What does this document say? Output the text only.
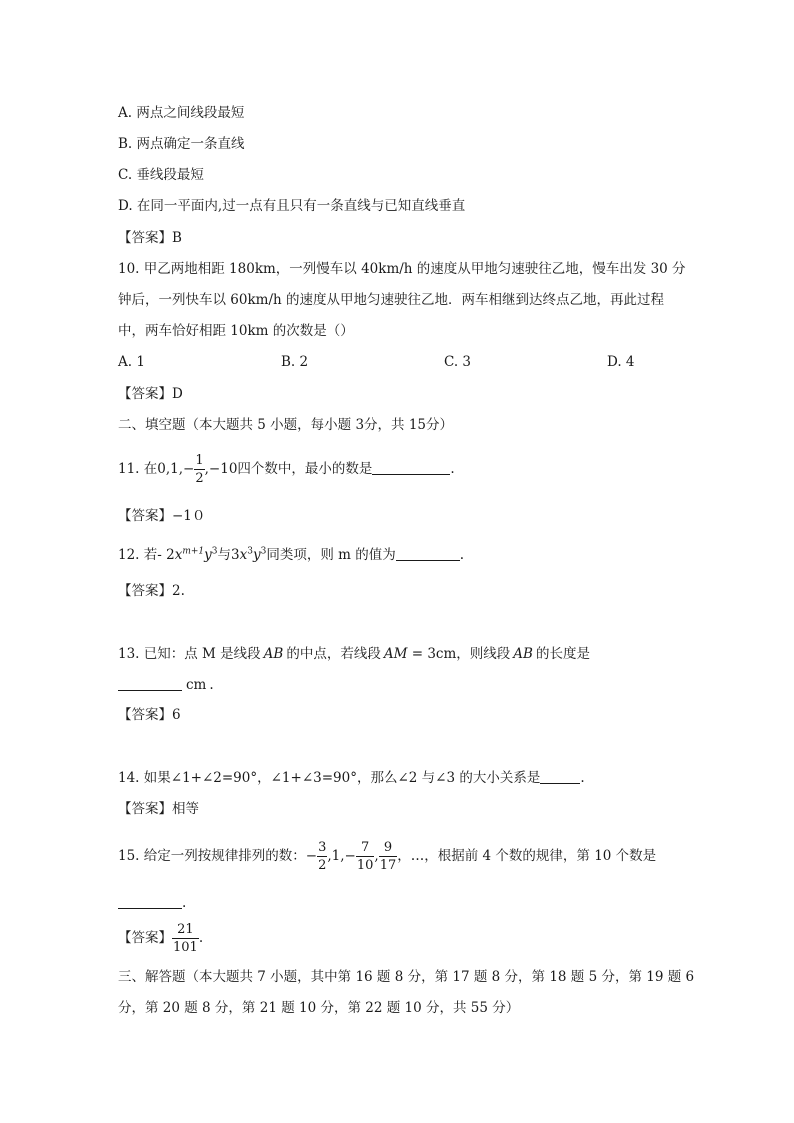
A. 两点之间线段最短
B. 两点确定一条直线
C. 垂线段最短
D. 在同一平面内,过一点有且只有一条直线与已知直线垂直
【答案】B
10. 甲乙两地相距 180km，一列慢车以 40km/h 的速度从甲地匀速驶往乙地，慢车出发 30 分
钟后，一列快车以 60km/h 的速度从甲地匀速驶往乙地．两车相继到达终点乙地，再此过程
中，两车恰好相距 10km 的次数是（）
A. 1	B. 2	C. 3	D. 4
【答案】D
二、填空题（本大题共 5 小题，每小题 3分，共 15分）
11. 在$0,1,- \frac{1}{2} ,-10$四个数中，最小的数是	.
【答案】−1０
12. 若- $2x^{m+1}y^3$与$3x^3y^3$同类项，则 m 的值为	.
【答案】2.
13. 已知：点 M 是线段 AB 的中点，若线段 AM = 3cm，则线段 AB 的长度是
cm .
【答案】6
14. 如果∠1+∠2=90°，∠1+∠3=90°，那么∠2 与∠3 的大小关系是	.
【答案】相等
15. 给定一列按规律排列的数：− $\frac{3}{2} ,1,- \frac{7}{10}$ , $\frac{9}{17}$ ，…，根据前 4 个数的规律，第 10 个数是
.
【答案】 $\frac{21}{101}$ .
三、解答题（本大题共 7 小题，其中第 16 题 8 分，第 17 题 8 分，第 18 题 5 分，第 19 题 6
分，第 20 题 8 分，第 21 题 10 分，第 22 题 10 分，共 55 分）
